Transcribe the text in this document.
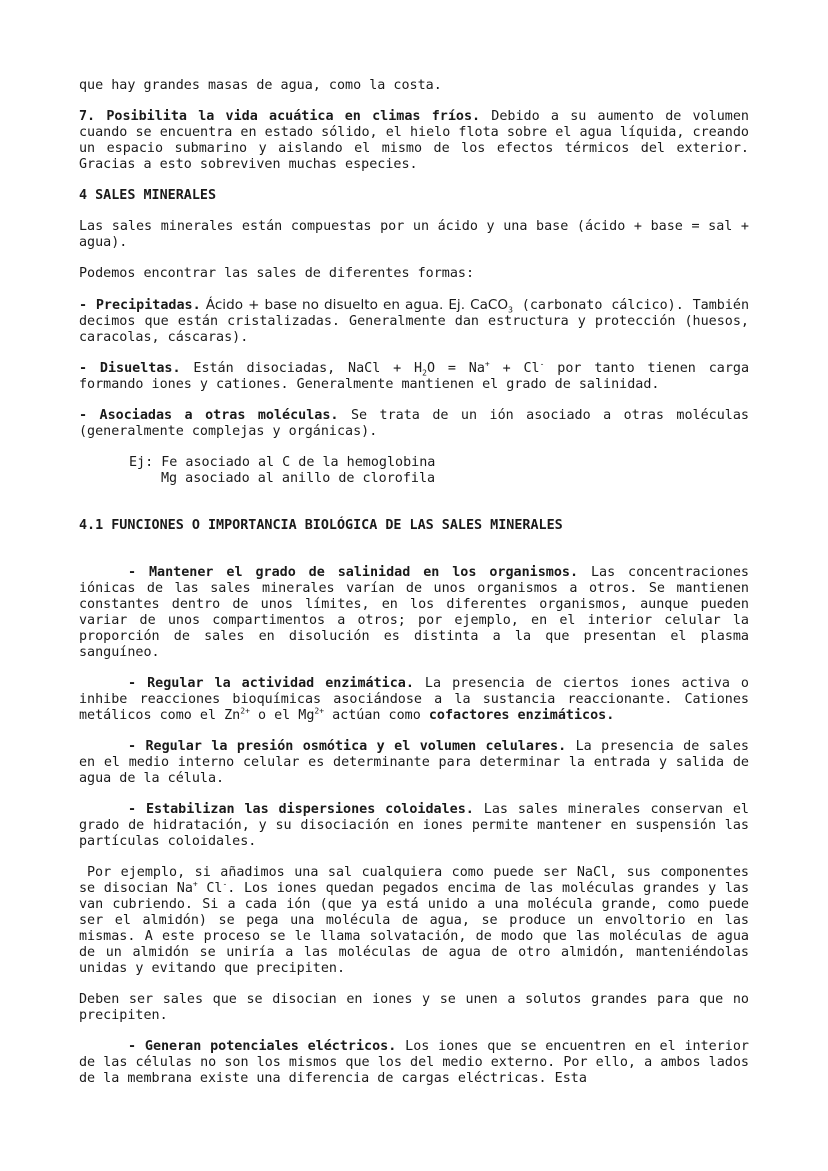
que hay grandes masas de agua, como la costa.

7. Posibilita la vida acuática en climas fríos. Debido a su aumento de volumen cuando se encuentra en estado sólido, el hielo flota sobre el agua líquida, creando un espacio submarino y aislando el mismo de los efectos térmicos del exterior. Gracias a esto sobreviven muchas especies.

4 SALES MINERALES

Las sales minerales están compuestas por un ácido y una base (ácido + base = sal + agua).

Podemos encontrar las sales de diferentes formas:

- Precipitadas. Ácido + base no disuelto en agua. Ej. CaCO$_3$ (carbonato cálcico). También decimos que están cristalizadas. Generalmente dan estructura y protección (huesos, caracolas, cáscaras).

- Disueltas. Están disociadas, NaCl + $H_2O = Na^+ + Cl^-$ por tanto tienen carga formando iones y cationes. Generalmente mantienen el grado de salinidad.

- Asociadas a otras moléculas. Se trata de un ión asociado a otras moléculas (generalmente complejas y orgánicas).

Ej: Fe asociado al C de la hemoglobina
Mg asociado al anillo de clorofila

4.1 FUNCIONES O IMPORTANCIA BIOLÓGICA DE LAS SALES MINERALES

- Mantener el grado de salinidad en los organismos. Las concentraciones iónicas de las sales minerales varían de unos organismos a otros. Se mantienen constantes dentro de unos límites, en los diferentes organismos, aunque pueden variar de unos compartimentos a otros; por ejemplo, en el interior celular la proporción de sales en disolución es distinta a la que presentan el plasma sanguíneo.

- Regular la actividad enzimática. La presencia de ciertos iones activa o inhibe reacciones bioquímicas asociándose a la sustancia reaccionante. Cationes metálicos como el $Zn^{2+}$ o el $Mg^{2+}$ actúan como cofactores enzimáticos.

- Regular la presión osmótica y el volumen celulares. La presencia de sales en el medio interno celular es determinante para determinar la entrada y salida de agua de la célula.

- Estabilizan las dispersiones coloidales. Las sales minerales conservan el grado de hidratación, y su disociación en iones permite mantener en suspensión las partículas coloidales.

Por ejemplo, si añadimos una sal cualquiera como puede ser NaCl, sus componentes se disocian Na+ Cl-. Los iones quedan pegados encima de las moléculas grandes y las van cubriendo. Si a cada ión (que ya está unido a una molécula grande, como puede ser el almidón) se pega una molécula de agua, se produce un envoltorio en las mismas. A este proceso se le llama solvatación, de modo que las moléculas de agua de un almidón se uniría a las moléculas de agua de otro almidón, manteniéndolas unidas y evitando que precipiten.

Deben ser sales que se disocian en iones y se unen a solutos grandes para que no precipiten.

- Generan potenciales eléctricos. Los iones que se encuentren en el interior de las células no son los mismos que los del medio externo. Por ello, a ambos lados de la membrana existe una diferencia de cargas eléctricas. Esta
